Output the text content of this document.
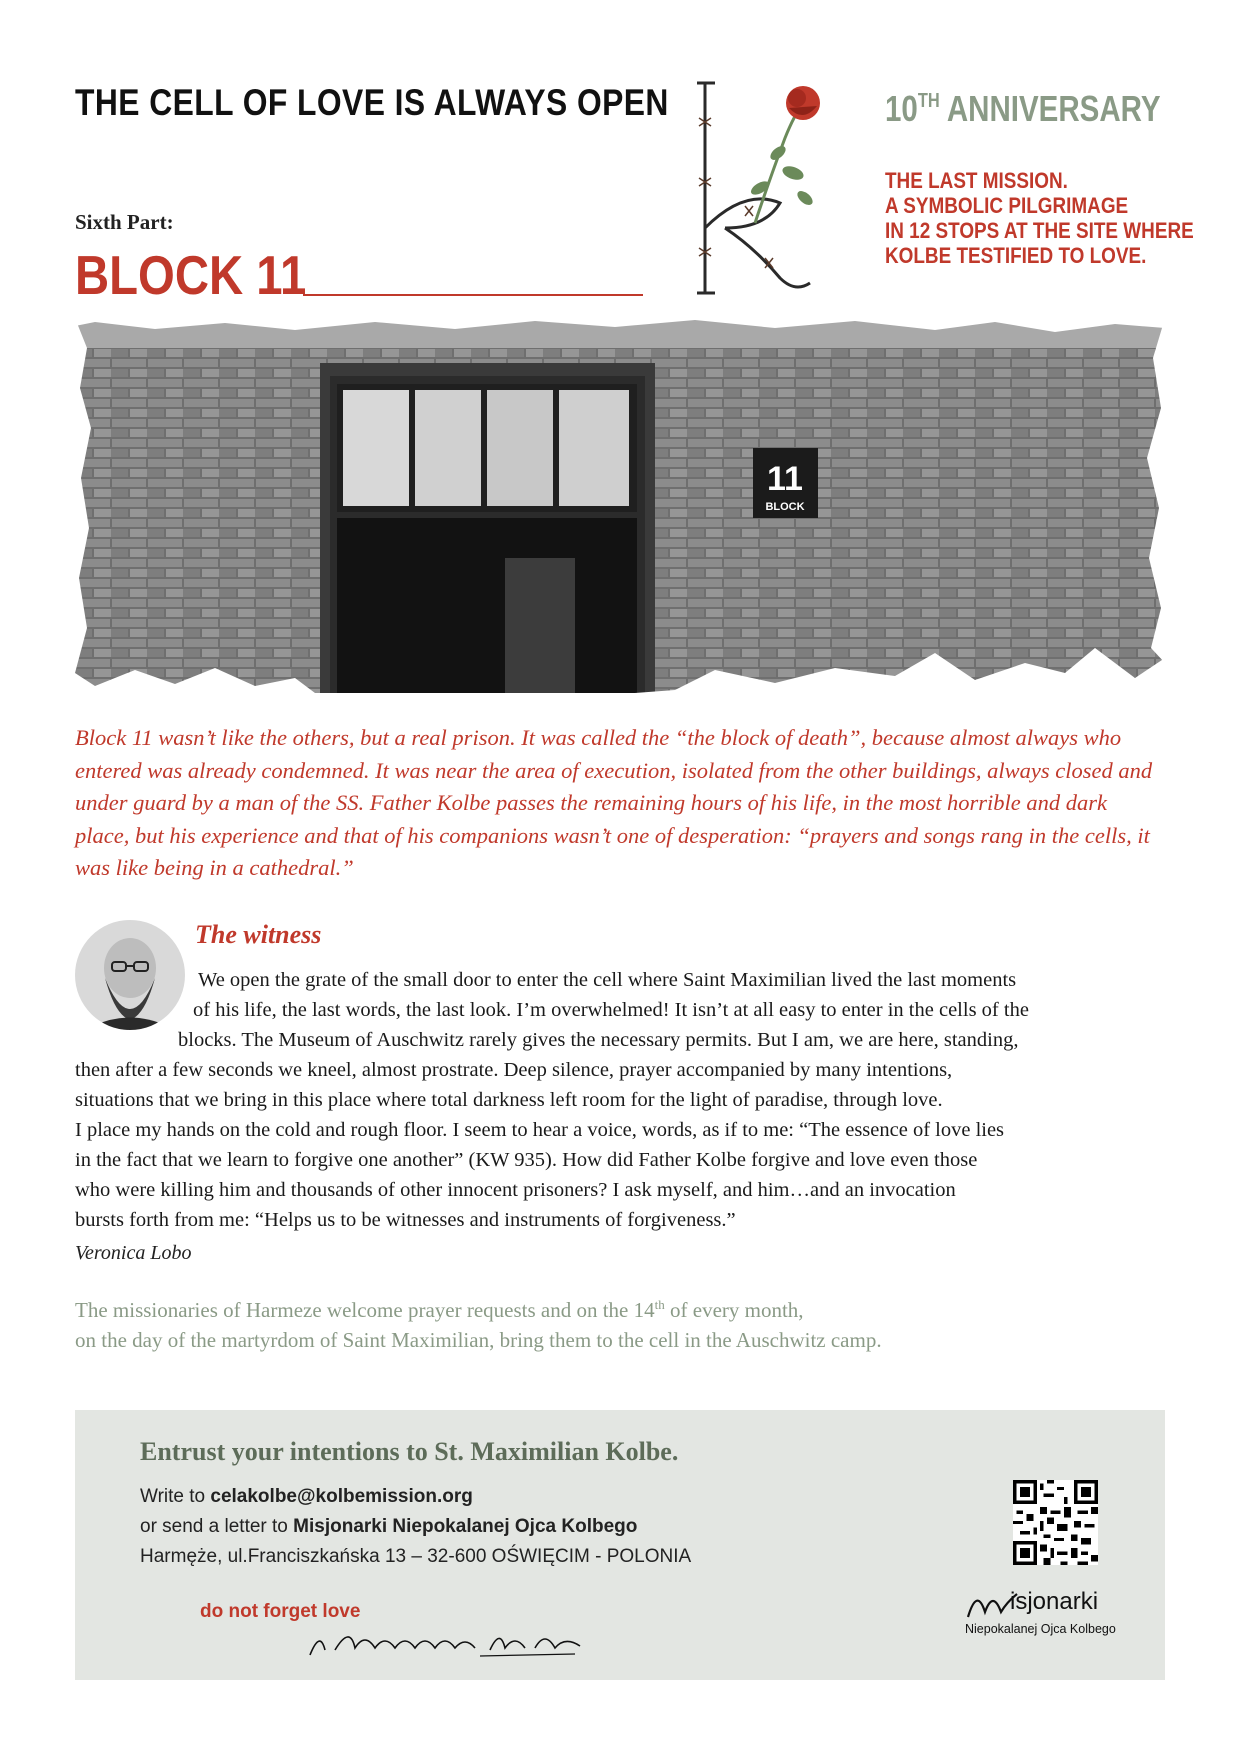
THE CELL OF LOVE IS ALWAYS OPEN
Sixth Part:
BLOCK 11
10TH ANNIVERSARY
THE LAST MISSION.
A SYMBOLIC PILGRIMAGE
IN 12 STOPS AT THE SITE WHERE
KOLBE TESTIFIED TO LOVE.
11
BLOCK
Block 11 wasn’t like the others, but a real prison. It was called the “the block of death”, because almost always who entered was already condemned. It was near the area of execution, isolated from the other buildings, always closed and under guard by a man of the SS. Father Kolbe passes the remaining hours of his life, in the most horrible and dark place, but his experience and that of his companions wasn’t one of desperation: “prayers and songs rang in the cells, it was like being in a cathedral.”
The witness
We open the grate of the small door to enter the cell where Saint Maximilian lived the last moments
of his life, the last words, the last look. I’m overwhelmed! It isn’t at all easy to enter in the cells of the
blocks. The Museum of Auschwitz rarely gives the necessary permits. But I am, we are here, standing,
then after a few seconds we kneel, almost prostrate. Deep silence, prayer accompanied by many intentions,
situations that we bring in this place where total darkness left room for the light of paradise, through love.
I place my hands on the cold and rough floor. I seem to hear a voice, words, as if to me: “The essence of love lies
in the fact that we learn to forgive one another” (KW 935). How did Father Kolbe forgive and love even those
who were killing him and thousands of other innocent prisoners? I ask myself, and him…and an invocation
bursts forth from me: “Helps us to be witnesses and instruments of forgiveness.”
Veronica Lobo
The missionaries of Harmeze welcome prayer requests and on the 14th of every month,
on the day of the martyrdom of Saint Maximilian, bring them to the cell in the Auschwitz camp.
Entrust your intentions to St. Maximilian Kolbe.
Write to celakolbe@kolbemission.org
or send a letter to Misjonarki Niepokalanej Ojca Kolbego
Harmęże, ul.Franciszkańska 13 – 32-600 OŚWIĘCIM - POLONIA
do not forget love	isjonarki
Niepokalanej Ojca Kolbego
